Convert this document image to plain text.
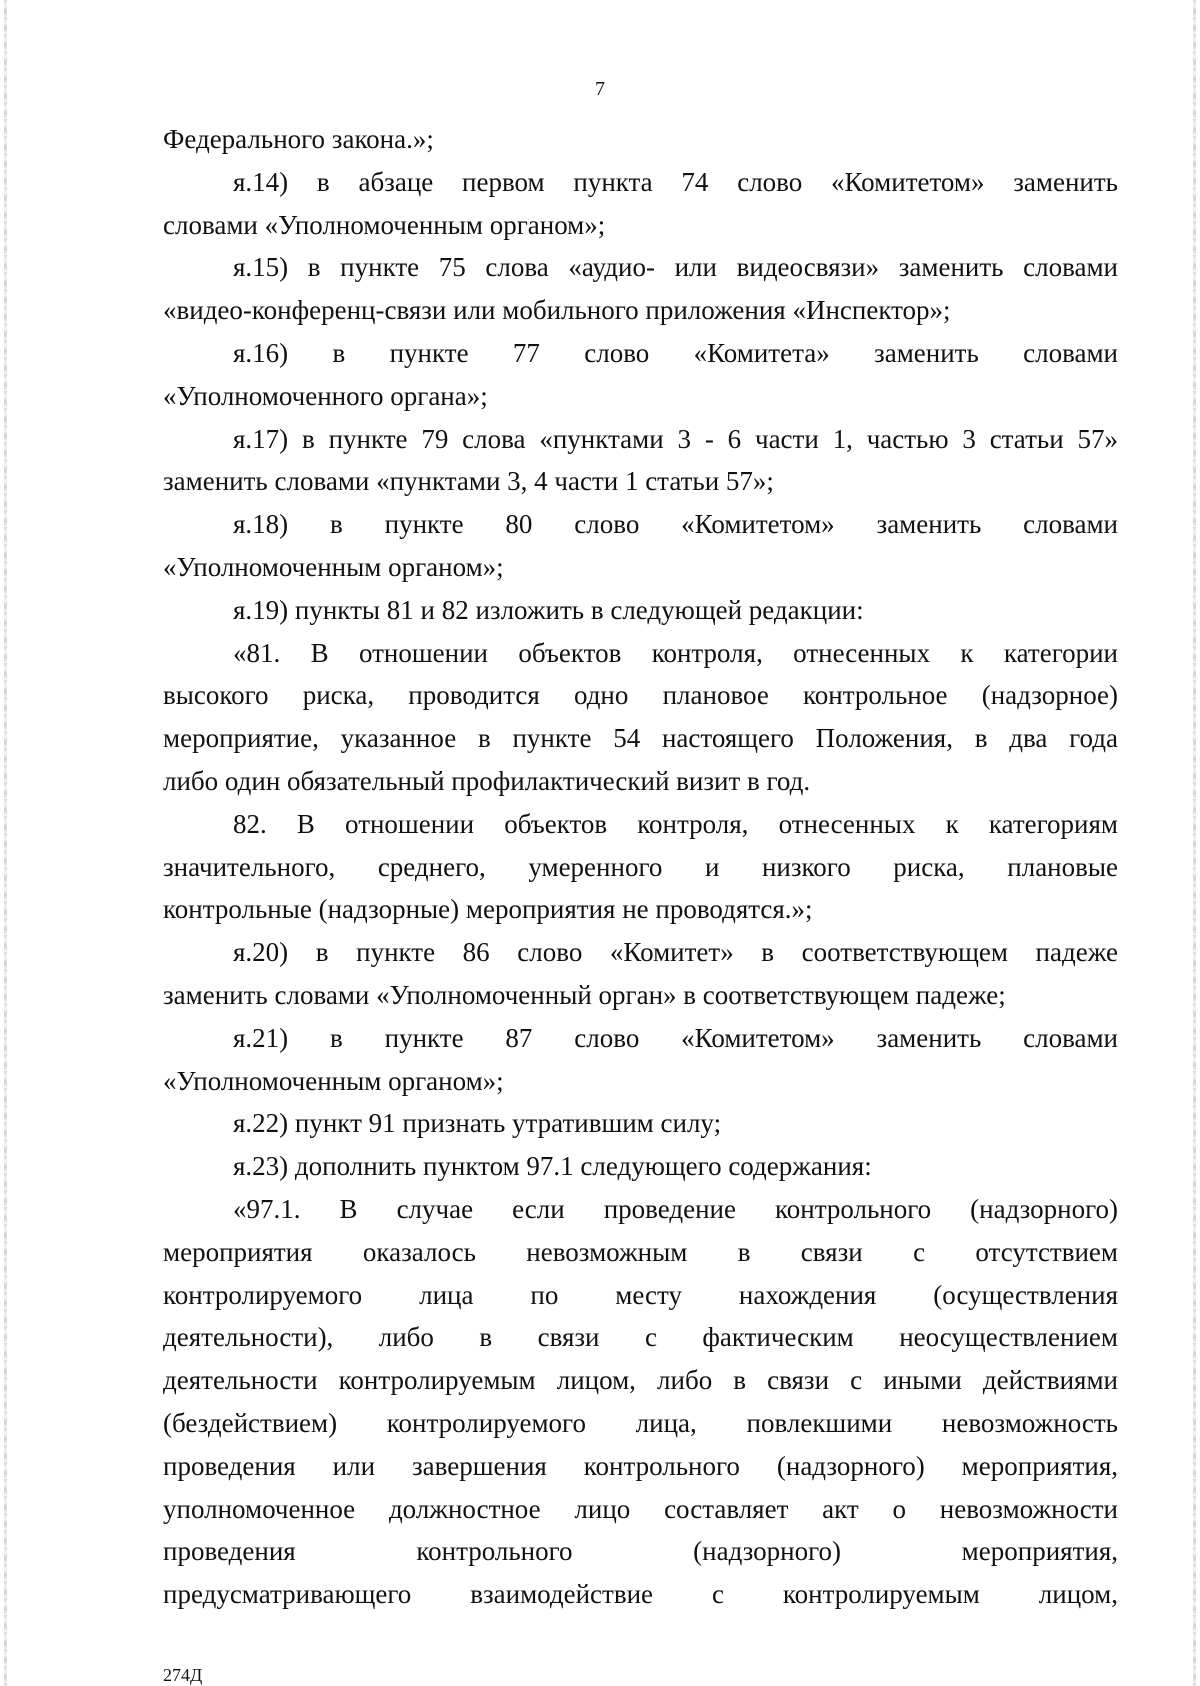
7
Федерального закона.»;
я.14) в абзаце первом пункта 74 слово «Комитетом» заменить
словами «Уполномоченным органом»;
я.15) в пункте 75 слова «аудио- или видеосвязи» заменить словами
«видео-конференц-связи или мобильного приложения «Инспектор»;
я.16) в пункте 77 слово «Комитета» заменить словами
«Уполномоченного органа»;
я.17) в пункте 79 слова «пунктами 3 - 6 части 1, частью 3 статьи 57»
заменить словами «пунктами 3, 4 части 1 статьи 57»;
я.18) в пункте 80 слово «Комитетом» заменить словами
«Уполномоченным органом»;
я.19) пункты 81 и 82 изложить в следующей редакции:
«81. В отношении объектов контроля, отнесенных к категории
высокого риска, проводится одно плановое контрольное (надзорное)
мероприятие, указанное в пункте 54 настоящего Положения, в два года
либо один обязательный профилактический визит в год.
82. В отношении объектов контроля, отнесенных к категориям
значительного, среднего, умеренного и низкого риска, плановые
контрольные (надзорные) мероприятия не проводятся.»;
я.20) в пункте 86 слово «Комитет» в соответствующем падеже
заменить словами «Уполномоченный орган» в соответствующем падеже;
я.21) в пункте 87 слово «Комитетом» заменить словами
«Уполномоченным органом»;
я.22) пункт 91 признать утратившим силу;
я.23) дополнить пунктом 97.1 следующего содержания:
«97.1. В случае если проведение контрольного (надзорного)
мероприятия оказалось невозможным в связи с отсутствием
контролируемого лица по месту нахождения (осуществления
деятельности), либо в связи с фактическим неосуществлением
деятельности контролируемым лицом, либо в связи с иными действиями
(бездействием) контролируемого лица, повлекшими невозможность
проведения или завершения контрольного (надзорного) мероприятия,
уполномоченное должностное лицо составляет акт о невозможности
проведения контрольного (надзорного) мероприятия,
предусматривающего взаимодействие с контролируемым лицом,
274Д
